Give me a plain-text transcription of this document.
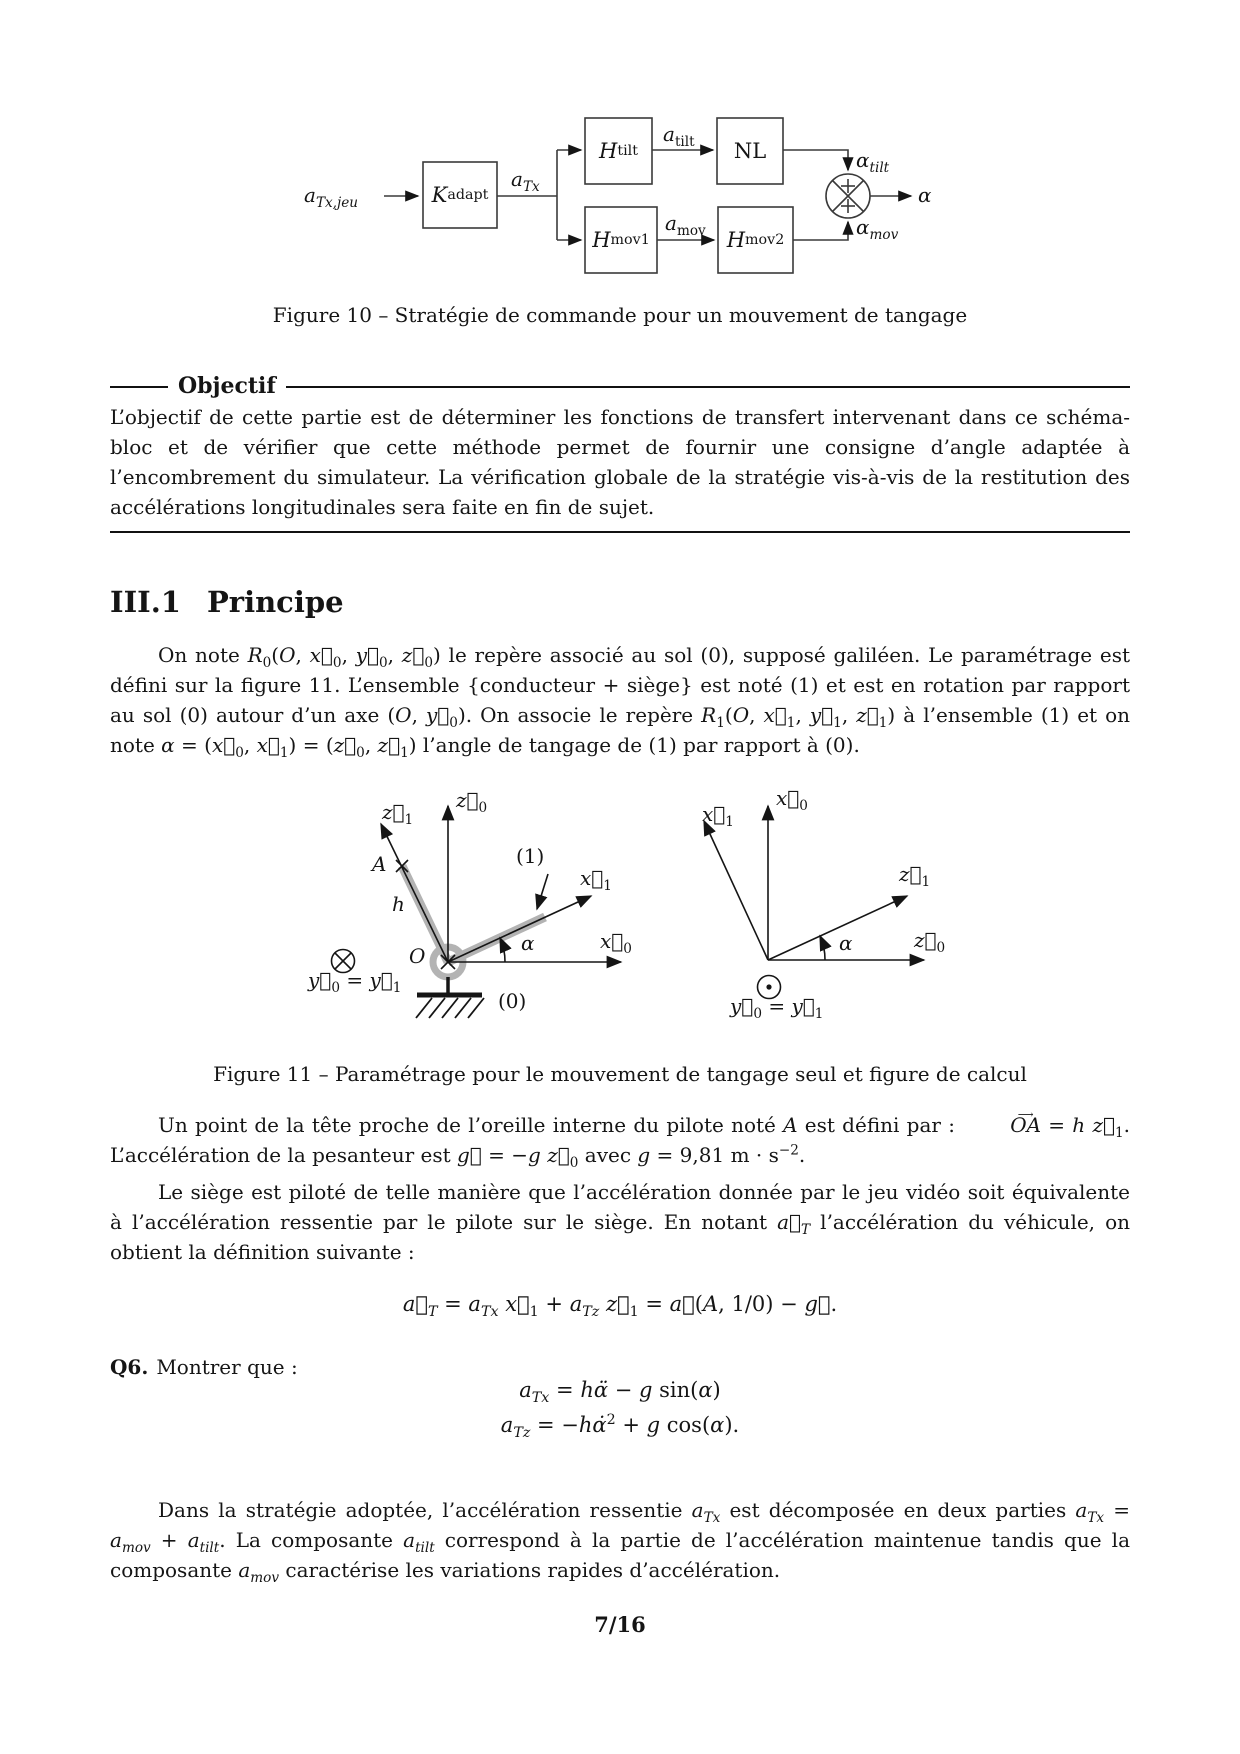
$a_{Tx,jeu}$	K adapt
$a_{Tx}$
H tilt
$a_{tilt}$ NL
H mov1
$a_{mov}$ H mov2
$\alpha_{tilt}$
$\alpha_{mov}$
α

Figure 10 – Stratégie de commande pour un mouvement de tangage

Objectif

L’objectif de cette partie est de déterminer les fonctions de transfert intervenant dans ce schéma-bloc et de vérifier que cette méthode permet de fournir une consigne d’angle adaptée à l’encombrement du simulateur. La vérification globale de la stratégie vis-à-vis de la restitution des accélérations longitudinales sera faite en fin de sujet.

III.1 Principe

On note $R_0(O$, $x⃗_0$, $y⃗_0$, $z⃗_0$) le repère associé au sol (0), supposé galiléen. Le paramétrage est défini sur la figure 11. L’ensemble {conducteur + siège} est noté (1) et est en rotation par rapport au sol (0) autour d’un axe (O, $y⃗_0$). On associe le repère $R_1(O$, $x⃗_1$, $y⃗_1$, $z⃗_1$) à l’ensemble (1) et on note $\alpha = (x⃗_0$, $x⃗_1$) = ($z⃗_0$, $z⃗_1$) l’angle de tangage de (1) par rapport à (0).

$z⃗_0$
$z⃗_1$
A
h
(1)
$x⃗_1$
$x⃗_0$
α
O
(0)
$y⃗_0$ = $y⃗_1$
$x⃗_0$
$x⃗_1$
$z⃗_1$
$z⃗_0$
α
$y⃗_0$ = $y⃗_1$

Figure 11 – Paramétrage pour le mouvement de tangage seul et figure de calcul

Un point de la tête proche de l’oreille interne du pilote noté A est défini par : OA ⟶ = h $z⃗_1$. L’accélération de la pesanteur est g⃗ = −g $z⃗_0$ avec g = 9,81 $m \cdot s^{-2}$.

Le siège est piloté de telle manière que l’accélération donnée par le jeu vidéo soit équivalente à l’accélération ressentie par le pilote sur le siège. En notant $a⃗_T$ l’accélération du véhicule, on obtient la définition suivante :

$a⃗_T = a_{Tx}$ $x⃗_1 + a_{Tz}$ $z⃗_1$ = a⃗(A, 1/0) − g⃗.

Q6. Montrer que :

$a_{Tx}$ = hα̈ − g sin(α)

$a_{Tz}$ = −hα̇$^2$ + g cos(α).

Dans la stratégie adoptée, l’accélération ressentie $a_{Tx}$ est décomposée en deux parties $a_{Tx} = a_{mov} + a_{tilt}$. La composante $a_{tilt}$ correspond à la partie de l’accélération maintenue tandis que la composante $a_{mov}$ caractérise les variations rapides d’accélération.

7/16
